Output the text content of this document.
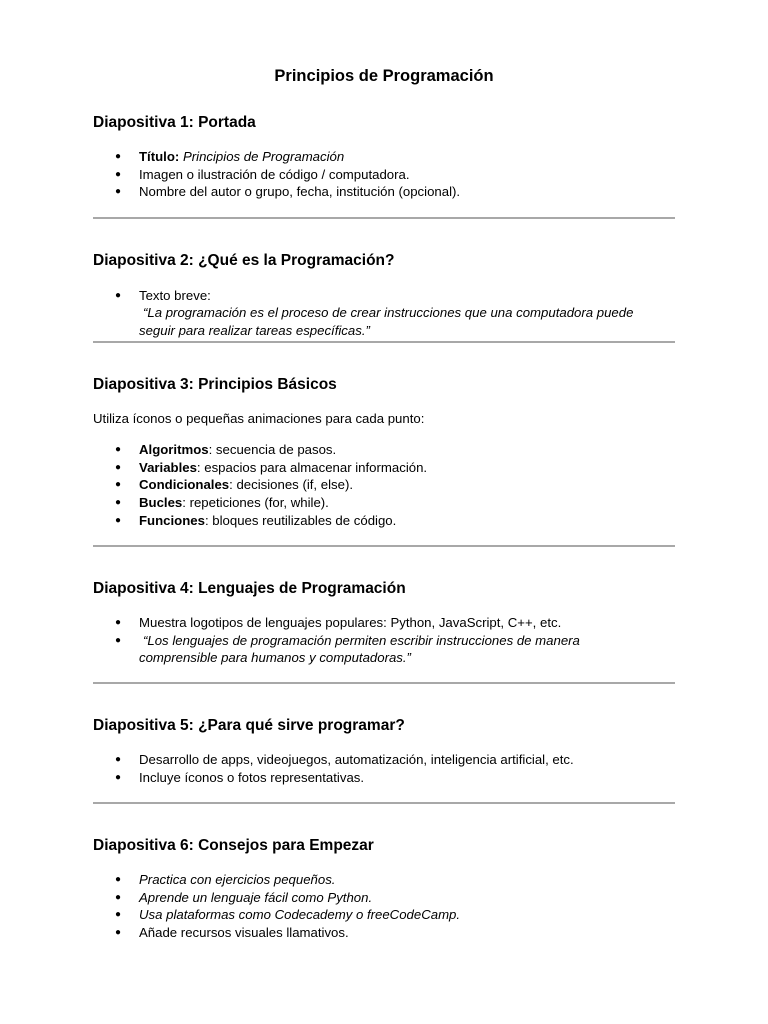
Principios de Programación
Diapositiva 1: Portada
● Título: Principios de Programación
● Imagen o ilustración de código / computadora.
● Nombre del autor o grupo, fecha, institución (opcional).
Diapositiva 2: ¿Qué es la Programación?
● Texto breve:
“La programación es el proceso de crear instrucciones que una computadora puede
seguir para realizar tareas específicas.”
Diapositiva 3: Principios Básicos

Utiliza íconos o pequeñas animaciones para cada punto:

● Algoritmos: secuencia de pasos.
● Variables: espacios para almacenar información.
● Condicionales: decisiones (if, else).
● Bucles: repeticiones (for, while).
● Funciones: bloques reutilizables de código.
Diapositiva 4: Lenguajes de Programación
● Muestra logotipos de lenguajes populares: Python, JavaScript, C++, etc.
●	“Los lenguajes de programación permiten escribir instrucciones de manera
comprensible para humanos y computadoras.”
Diapositiva 5: ¿Para qué sirve programar?
● Desarrollo de apps, videojuegos, automatización, inteligencia artificial, etc.
● Incluye íconos o fotos representativas.
Diapositiva 6: Consejos para Empezar
● Practica con ejercicios pequeños.
● Aprende un lenguaje fácil como Python.
● Usa plataformas como Codecademy o freeCodeCamp.
● Añade recursos visuales llamativos.
